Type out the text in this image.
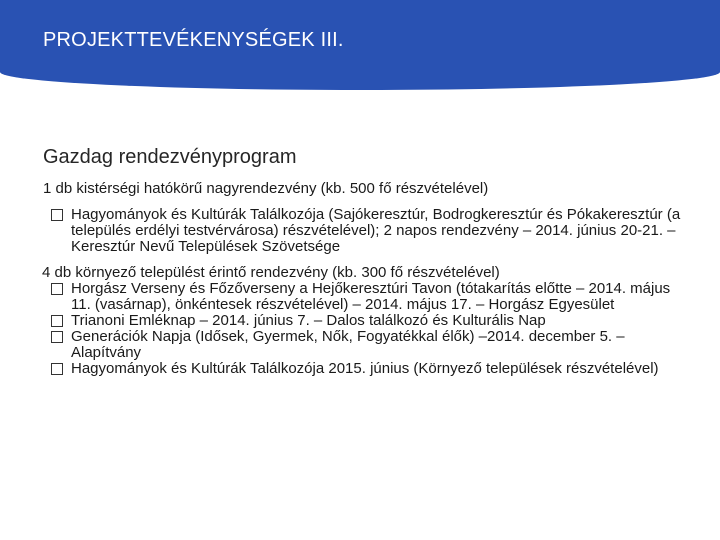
PROJEKTTEVÉKENYSÉGEK III.
Gazdag rendezvényprogram

1 db kistérségi hatókörű nagyrendezvény (kb. 500 fő részvételével)

Hagyományok és Kultúrák Találkozója (Sajókeresztúr, Bodrogkeresztúr és Pókakeresztúr (a település erdélyi testvérvárosa) részvételével); 2 napos rendezvény – 2014. június 20-21. –Keresztúr Nevű Települések Szövetsége

4 db környező települést érintő rendezvény (kb. 300 fő részvételével)

Horgász Verseny és Főzőverseny a Hejőkeresztúri Tavon (tótakarítás előtte – 2014. május 11. (vasárnap), önkéntesek részvételével) – 2014. május 17. – Horgász Egyesület
Trianoni Emléknap – 2014. június 7. – Dalos találkozó és Kulturális Nap
Generációk Napja (Idősek, Gyermek, Nők, Fogyatékkal élők) –2014. december 5. – Alapítvány
Hagyományok és Kultúrák Találkozója 2015. június (Környező települések részvételével)
